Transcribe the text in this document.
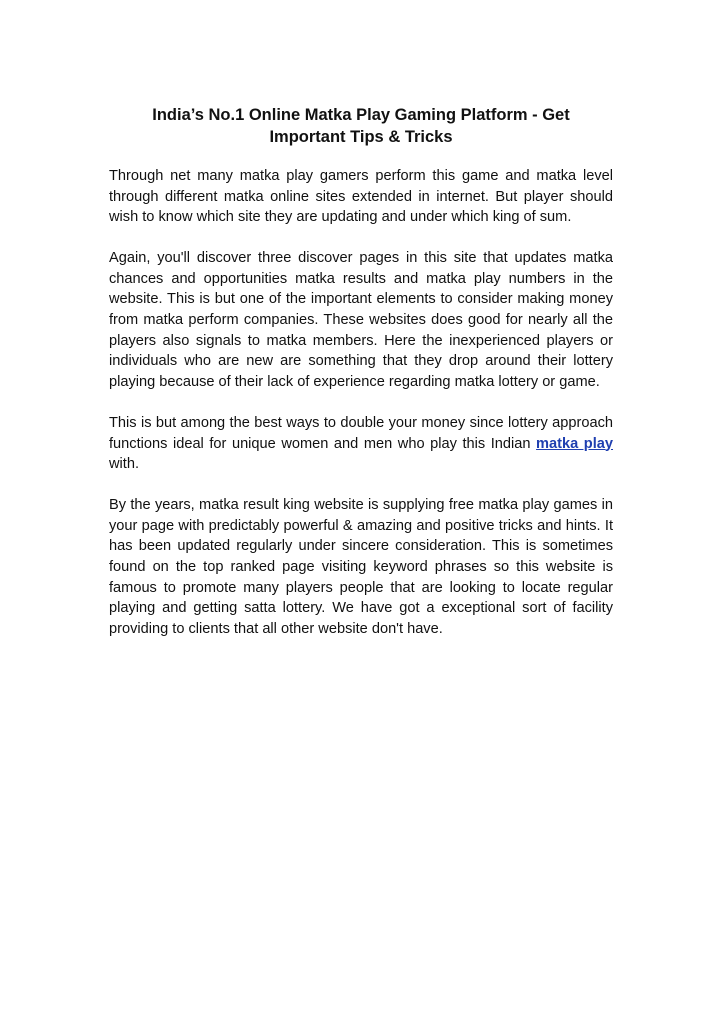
India’s No.1 Online Matka Play Gaming Platform - Get Important Tips & Tricks

Through net many matka play gamers perform this game and matka level through different matka online sites extended in internet. But player should wish to know which site they are updating and under which king of sum.

Again, you'll discover three discover pages in this site that updates matka chances and opportunities matka results and matka play numbers in the website. This is but one of the important elements to consider making money from matka perform companies. These websites does good for nearly all the players also signals to matka members. Here the inexperienced players or individuals who are new are something that they drop around their lottery playing because of their lack of experience regarding matka lottery or game.

This is but among the best ways to double your money since lottery approach functions ideal for unique women and men who play this Indian matka play with.

By the years, matka result king website is supplying free matka play games in your page with predictably powerful & amazing and positive tricks and hints. It has been updated regularly under sincere consideration. This is sometimes found on the top ranked page visiting keyword phrases so this website is famous to promote many players people that are looking to locate regular playing and getting satta lottery. We have got a exceptional sort of facility providing to clients that all other website don't have.
